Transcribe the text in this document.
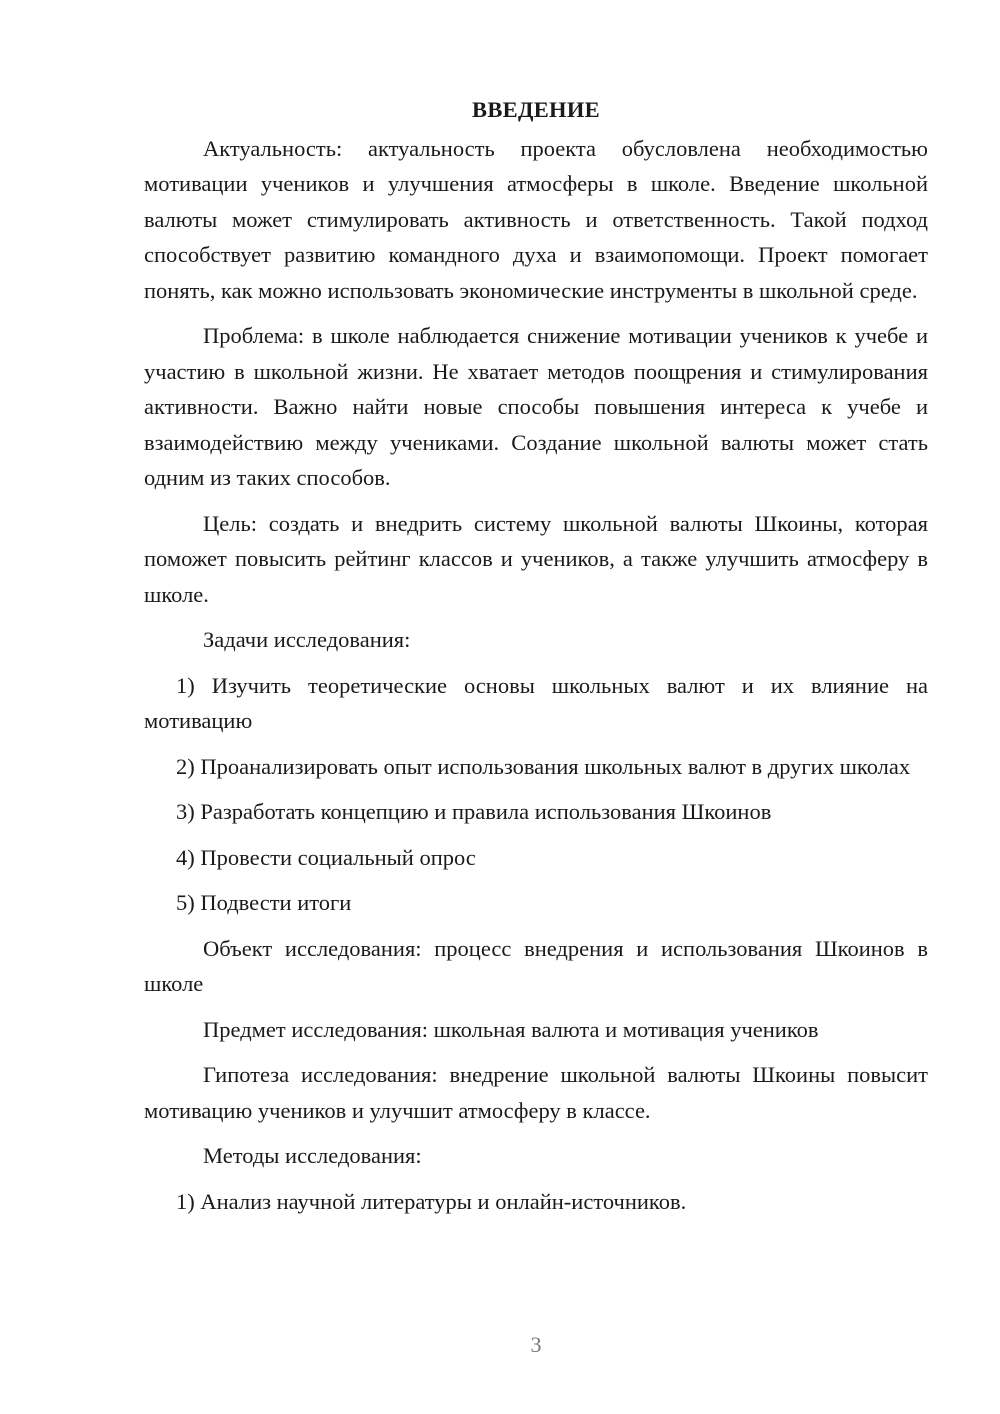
ВВЕДЕНИЕ

Актуальность: актуальность проекта обусловлена необходимостью мотивации учеников и улучшения атмосферы в школе. Введение школьной валюты может стимулировать активность и ответственность. Такой подход способствует развитию командного духа и взаимопомощи. Проект помогает понять, как можно использовать экономические инструменты в школьной среде.

Проблема: в школе наблюдается снижение мотивации учеников к учебе и участию в школьной жизни. Не хватает методов поощрения и стимулирования активности. Важно найти новые способы повышения интереса к учебе и взаимодействию между учениками. Создание школьной валюты может стать одним из таких способов.

Цель: создать и внедрить систему школьной валюты Шкоины, которая поможет повысить рейтинг классов и учеников, а также улучшить атмосферу в школе.

Задачи исследования:

1) Изучить теоретические основы школьных валют и их влияние на мотивацию

2) Проанализировать опыт использования школьных валют в других школах

3) Разработать концепцию и правила использования Шкоинов

4) Провести социальный опрос

5) Подвести итоги

Объект исследования: процесс внедрения и использования Шкоинов в школе

Предмет исследования: школьная валюта и мотивация учеников

Гипотеза исследования: внедрение школьной валюты Шкоины повысит мотивацию учеников и улучшит атмосферу в классе.

Методы исследования:

1) Анализ научной литературы и онлайн-источников.

3
